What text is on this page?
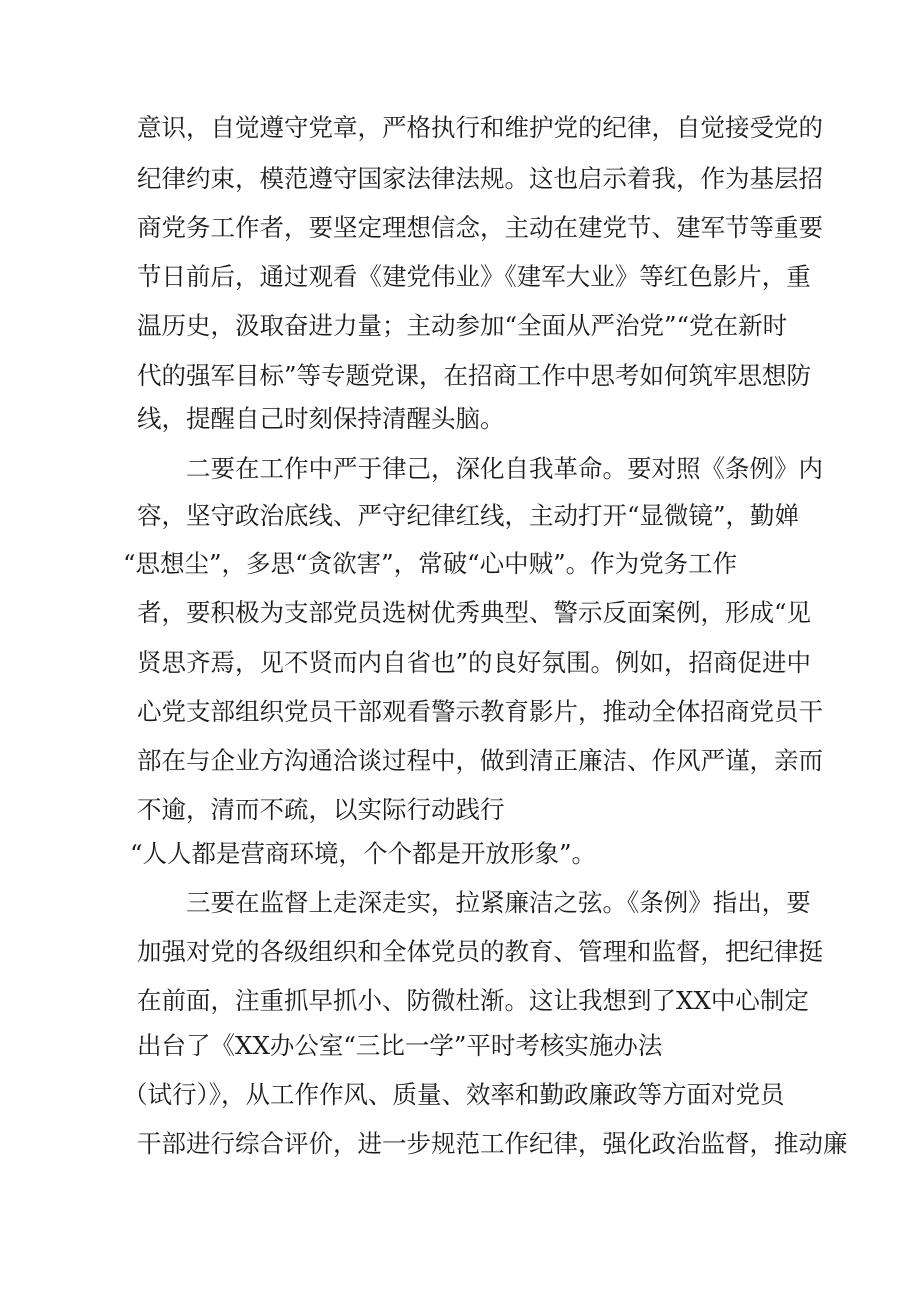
意识，自觉遵守党章，严格执行和维护党的纪律，自觉接受党的

纪律约束，模范遵守国家法律法规。这也启示着我，作为基层招

商党务工作者，要坚定理想信念，主动在建党节、建军节等重要

节日前后，通过观看《建党伟业》《建军大业》等红色影片，重

温历史，汲取奋进力量；主动参加“全面从严治党”“党在新时

代的强军目标”等专题党课，在招商工作中思考如何筑牢思想防

线，提醒自己时刻保持清醒头脑。

二要在工作中严于律己，深化自我革命。要对照《条例》内

容，坚守政治底线、严守纪律红线，主动打开“显微镜”，勤婵

“思想尘”，多思“贪欲害”，常破“心中贼”。作为党务工作

者，要积极为支部党员选树优秀典型、警示反面案例，形成“见

贤思齐焉，见不贤而内自省也”的良好氛围。例如，招商促进中

心党支部组织党员干部观看警示教育影片，推动全体招商党员干

部在与企业方沟通洽谈过程中，做到清正廉洁、作风严谨，亲而

不逾，清而不疏，以实际行动践行

“人人都是营商环境，个个都是开放形象”。

三要在监督上走深走实，拉紧廉洁之弦。《条例》指出，要

加强对党的各级组织和全体党员的教育、管理和监督，把纪律挺

在前面，注重抓早抓小、防微杜渐。这让我想到了XX中心制定

出台了《XX办公室“三比一学”平时考核实施办法

（试行）》，从工作作风、质量、效率和勤政廉政等方面对党员

干部进行综合评价，进一步规范工作纪律，强化政治监督，推动廉
